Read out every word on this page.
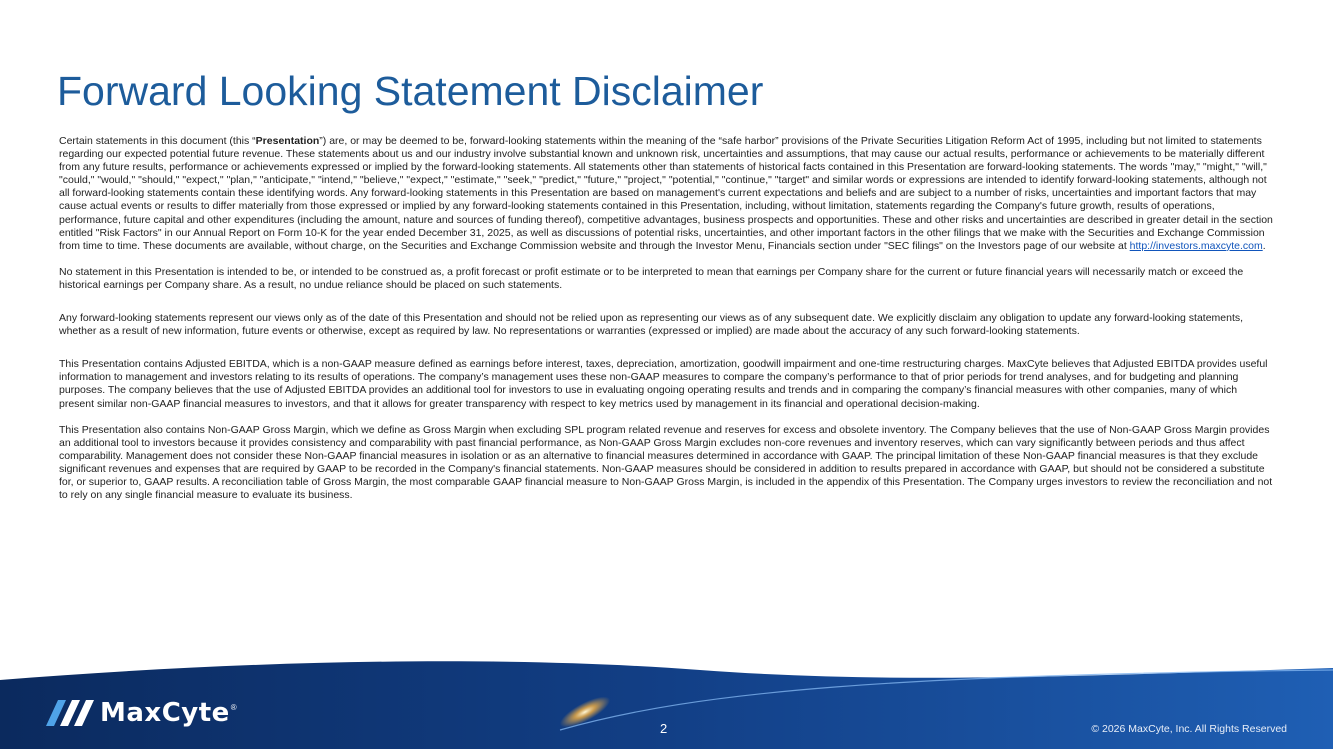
Forward Looking Statement Disclaimer

Certain statements in this document (this “Presentation”) are, or may be deemed to be, forward-looking statements within the meaning of the “safe harbor” provisions of the Private Securities Litigation Reform Act of 1995, including but not limited to statements regarding our expected potential future revenue. These statements about us and our industry involve substantial known and unknown risk, uncertainties and assumptions, that may cause our actual results, performance or achievements to be materially different from any future results, performance or achievements expressed or implied by the forward-looking statements. All statements other than statements of historical facts contained in this Presentation are forward-looking statements. The words "may," "might," "will," "could," "would," "should," "expect," "plan," "anticipate," "intend," "believe," "expect," "estimate," "seek," "predict," "future," "project," "potential," "continue," "target" and similar words or expressions are intended to identify forward-looking statements, although not all forward-looking statements contain these identifying words. Any forward-looking statements in this Presentation are based on management's current expectations and beliefs and are subject to a number of risks, uncertainties and important factors that may cause actual events or results to differ materially from those expressed or implied by any forward-looking statements contained in this Presentation, including, without limitation, statements regarding the Company's future growth, results of operations, performance, future capital and other expenditures (including the amount, nature and sources of funding thereof), competitive advantages, business prospects and opportunities. These and other risks and uncertainties are described in greater detail in the section entitled "Risk Factors" in our Annual Report on Form 10-K for the year ended December 31, 2025, as well as discussions of potential risks, uncertainties, and other important factors in the other filings that we make with the Securities and Exchange Commission from time to time. These documents are available, without charge, on the Securities and Exchange Commission website and through the Investor Menu, Financials section under "SEC filings" on the Investors page of our website at http://investors.maxcyte.com.

No statement in this Presentation is intended to be, or intended to be construed as, a profit forecast or profit estimate or to be interpreted to mean that earnings per Company share for the current or future financial years will necessarily match or exceed the historical earnings per Company share. As a result, no undue reliance should be placed on such statements.

Any forward-looking statements represent our views only as of the date of this Presentation and should not be relied upon as representing our views as of any subsequent date. We explicitly disclaim any obligation to update any forward-looking statements, whether as a result of new information, future events or otherwise, except as required by law. No representations or warranties (expressed or implied) are made about the accuracy of any such forward-looking statements.

This Presentation contains Adjusted EBITDA, which is a non-GAAP measure defined as earnings before interest, taxes, depreciation, amortization, goodwill impairment and one-time restructuring charges. MaxCyte believes that Adjusted EBITDA provides useful information to management and investors relating to its results of operations. The company’s management uses these non-GAAP measures to compare the company’s performance to that of prior periods for trend analyses, and for budgeting and planning purposes. The company believes that the use of Adjusted EBITDA provides an additional tool for investors to use in evaluating ongoing operating results and trends and in comparing the company’s financial measures with other companies, many of which present similar non-GAAP financial measures to investors, and that it allows for greater transparency with respect to key metrics used by management in its financial and operational decision-making.

This Presentation also contains Non-GAAP Gross Margin, which we define as Gross Margin when excluding SPL program related revenue and reserves for excess and obsolete inventory. The Company believes that the use of Non-GAAP Gross Margin provides an additional tool to investors because it provides consistency and comparability with past financial performance, as Non-GAAP Gross Margin excludes non-core revenues and inventory reserves, which can vary significantly between periods and thus affect comparability. Management does not consider these Non-GAAP financial measures in isolation or as an alternative to financial measures determined in accordance with GAAP. The principal limitation of these Non-GAAP financial measures is that they exclude significant revenues and expenses that are required by GAAP to be recorded in the Company's financial statements. Non-GAAP measures should be considered in addition to results prepared in accordance with GAAP, but should not be considered a substitute for, or superior to, GAAP results. A reconciliation table of Gross Margin, the most comparable GAAP financial measure to Non-GAAP Gross Margin, is included in the appendix of this Presentation. The Company urges investors to review the reconciliation and not to rely on any single financial measure to evaluate its business.

MaxCyte ®
2	© 2026 MaxCyte, Inc. All Rights Reserved
